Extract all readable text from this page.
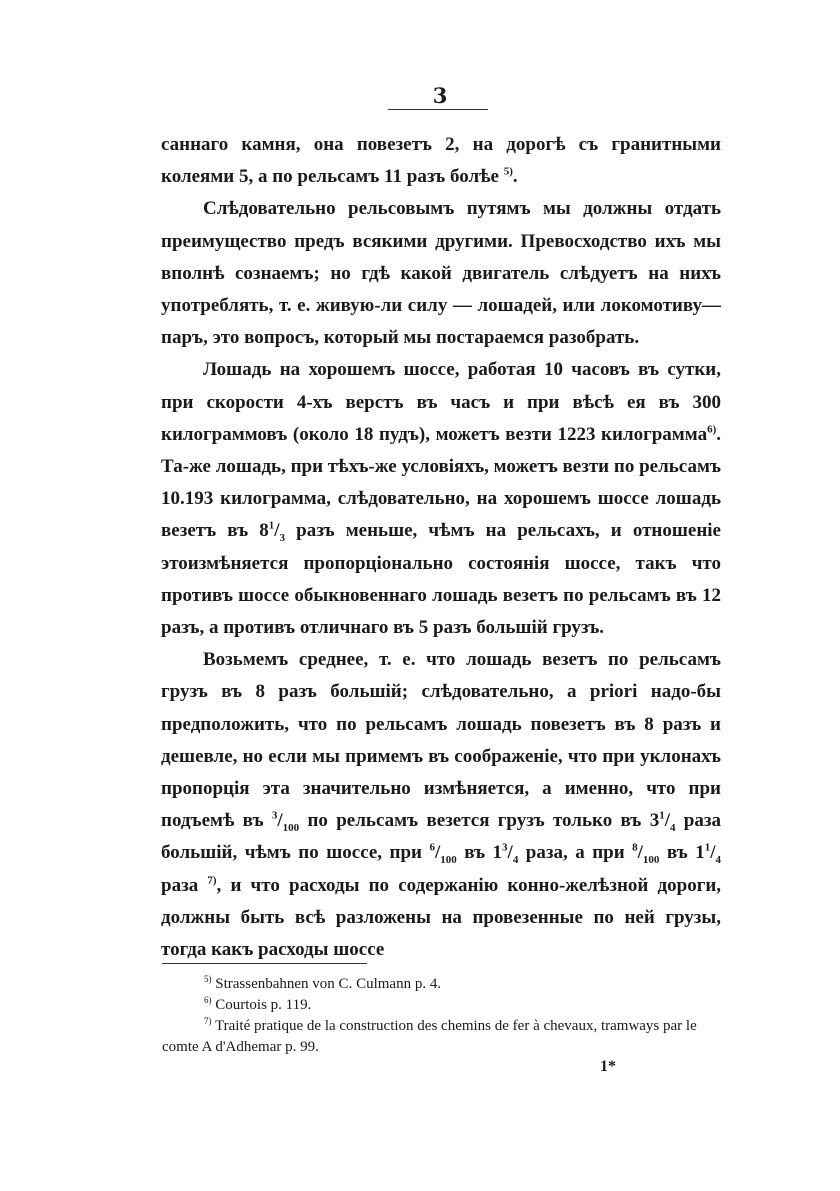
3

саннаго камня, она повезетъ 2, на дорогѣ съ гранитными колеями 5, а по рельсамъ 11 разъ болѣе $^{5)}$.

Слѣдовательно рельсовымъ путямъ мы должны отдать преимущество предъ всякими другими. Превосходство ихъ мы вполнѣ сознаемъ; но гдѣ какой двигатель слѣдуетъ на нихъ употреблять, т. е. живую-ли силу — лошадей, или локомотиву—паръ, это вопросъ, который мы постараемся разобрать.

Лошадь на хорошемъ шоссе, работая 10 часовъ въ сутки, при скорости 4-хъ верстъ въ часъ и при вѣсѣ ея въ 300 килограммовъ (около 18 пудъ), можетъ везти 1223 килограмма$^{6)}$. Та-же лошадь, при тѣхъ-же условіяхъ, можетъ везти по рельсамъ 10.193 килограмма, слѣдовательно, на хорошемъ шоссе лошадь везетъ въ $8^1/_3$ разъ меньше, чѣмъ на рельсахъ, и отношеніе этоизмѣняется пропорціонально состоянія шоссе, такъ что противъ шоссе обыкновеннаго лошадь везетъ по рельсамъ въ 12 разъ, а противъ отличнаго въ 5 разъ большій грузъ.

Возьмемъ среднее, т. е. что лошадь везетъ по рельсамъ грузъ въ 8 разъ большій; слѣдовательно, а priori надо-бы предположить, что по рельсамъ лошадь повезетъ въ 8 разъ и дешевле, но если мы примемъ въ соображеніе, что при уклонахъ пропорція эта значительно измѣняется, а именно, что при подъемѣ въ $^3/_{100}$ по рельсамъ везется грузъ только въ $3^1/_4$ раза большій, чѣмъ по шоссе, при $^6/_{100}$ въ $1^3/_4$ раза, а при $^8/_{100}$ въ $1^1/_4$ раза $^{7)}$, и что расходы по содержанію конно-желѣзной дороги, должны быть всѣ разложены на провезенные по ней грузы, тогда какъ расходы шоссе

$^{5)}$ Strassenbahnen von C. Culmann p. 4.

$^{6)}$ Courtois p. 119.

$^{7)}$ Traité pratique de la construction des chemins de fer à chevaux, tramways par le comte A d'Adhemar p. 99.

1*
